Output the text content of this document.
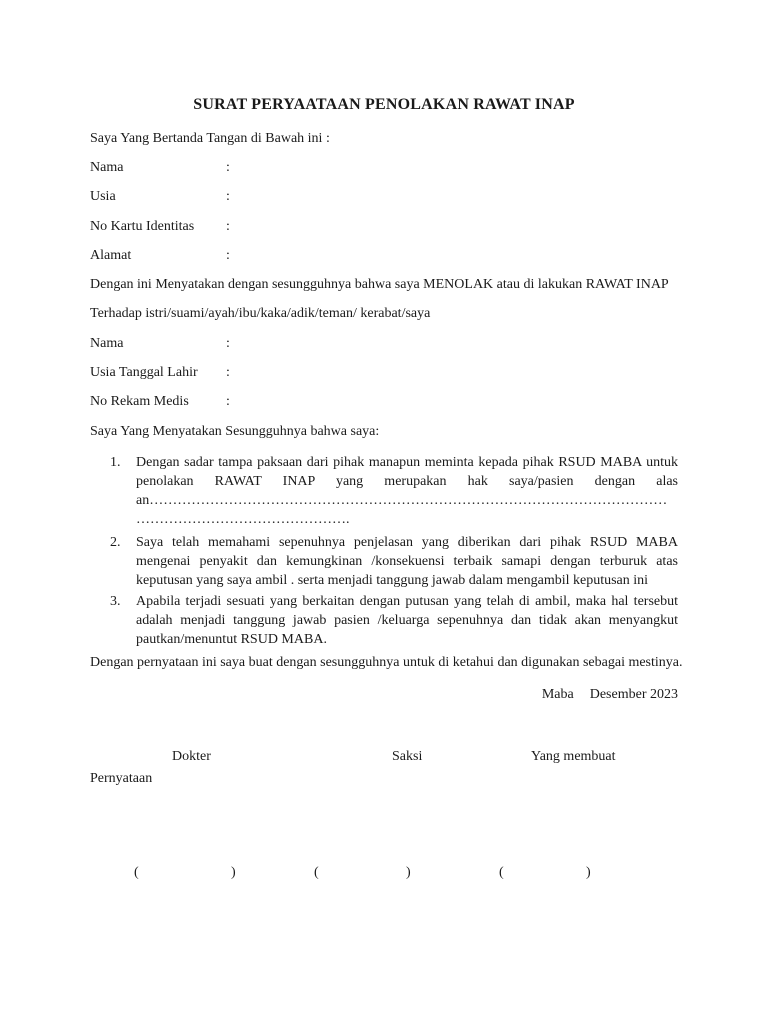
SURAT PERYAATAAN PENOLAKAN RAWAT INAP
Saya Yang Bertanda Tangan di Bawah ini :
Nama	:
Usia	:
No Kartu Identitas :
Alamat	:
Dengan ini Menyatakan dengan sesungguhnya bahwa saya MENOLAK atau di lakukan RAWAT INAP
Terhadap istri/suami/ayah/ibu/kaka/adik/teman/ kerabat/saya
Nama	:
Usia Tanggal Lahir :
No Rekam Medis	:
Saya Yang Menyatakan Sesungguhnya bahwa saya:
1. Dengan sadar tampa paksaan dari pihak manapun meminta kepada pihak RSUD MABA untuk penolakan RAWAT INAP yang merupakan hak saya/pasien dengan alas an…………………………………………………………………………………………………
……………………………………….
2. Saya telah memahami sepenuhnya penjelasan yang diberikan dari pihak RSUD MABA mengenai penyakit dan kemungkinan /konsekuensi terbaik samapi dengan terburuk atas keputusan yang saya ambil . serta menjadi tanggung jawab dalam mengambil keputusan ini
3. Apabila terjadi sesuati yang berkaitan dengan putusan yang telah di ambil, maka hal tersebut adalah menjadi tanggung jawab pasien /keluarga sepenuhnya dan tidak akan menyangkut pautkan/menuntut RSUD MABA.
Dengan pernyataan ini saya buat dengan sesungguhnya untuk di ketahui dan digunakan sebagai mestinya.
Maba Desember 2023
Dokter	Saksi	Yang membuat
Pernyataan
(	)	(	)	(	)
